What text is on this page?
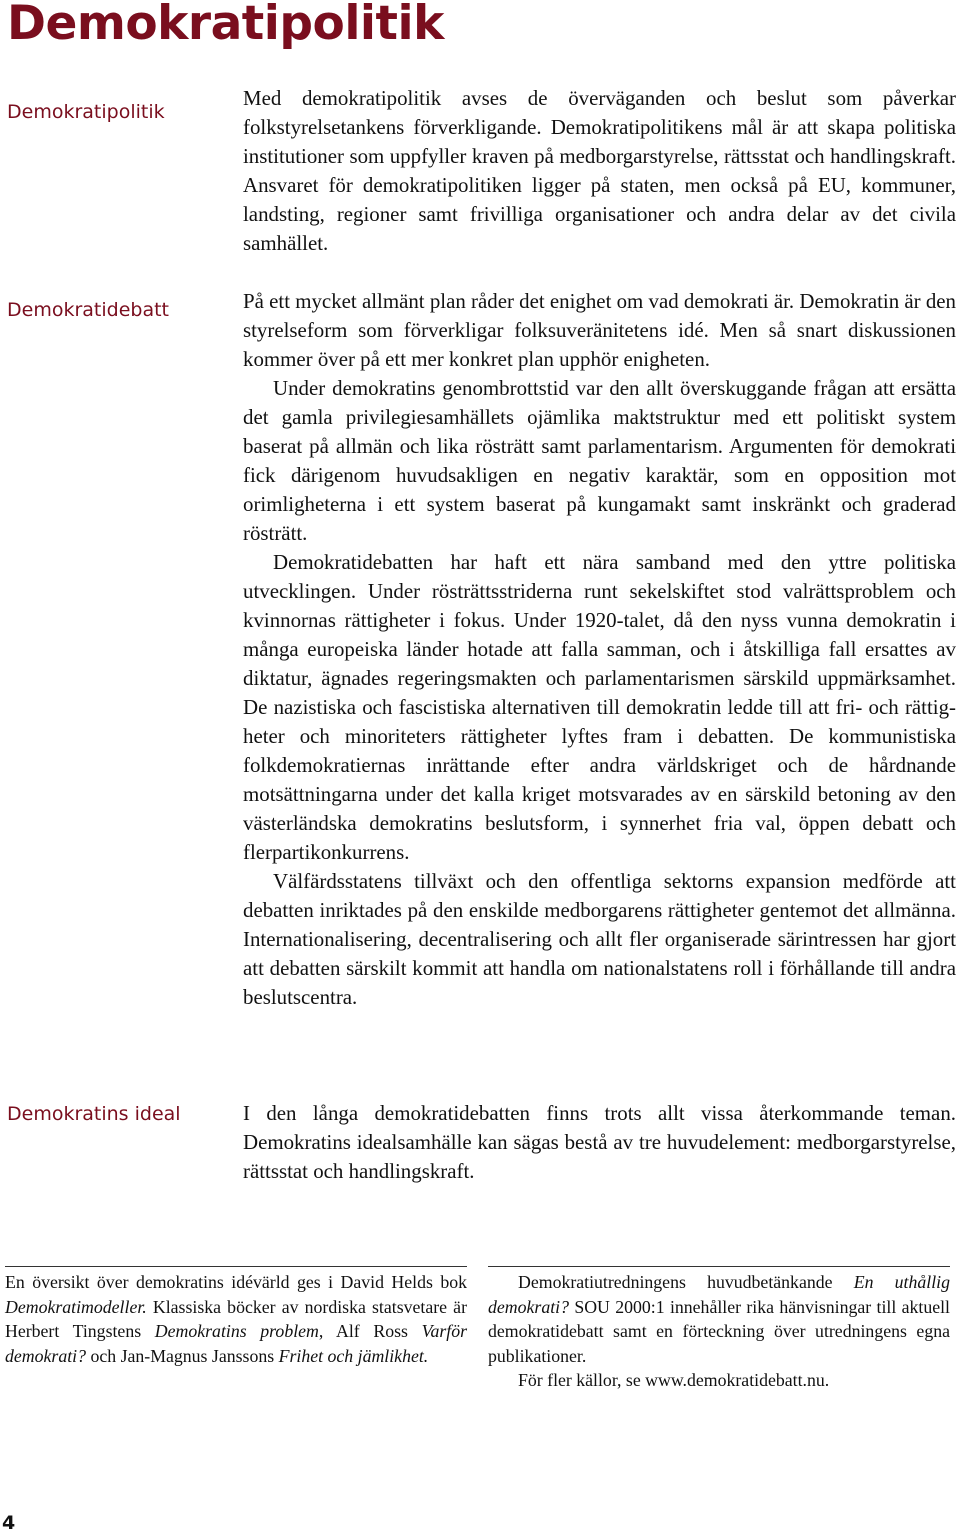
Demokratipolitik
Demokratipolitik

Med demokratipolitik avses de överväganden och beslut som påverkar folkstyrelsetankens förverkligande. Demokratipolitikens mål är att skapa politiska institutioner som uppfyller kraven på medborgarstyrelse, rättsstat och handlingskraft. Ansvaret för demokratipolitiken ligger på staten, men också på EU, kommuner, landsting, regioner samt frivilliga organisationer och andra delar av det civila samhället.

Demokratidebatt	På ett mycket allmänt plan råder det enighet om vad demokrati är. Demokratin är den styrelseform som förverkligar folksuveränitetens idé. Men så snart diskussionen kommer över på ett mer konkret plan upphör enigheten.

Under demokratins genombrottstid var den allt överskuggande frågan att ersätta det gamla privilegiesamhällets ojämlika maktstruktur med ett politiskt system baserat på allmän och lika rösträtt samt parlamentarism. Argumenten för demokrati fick därigenom huvudsakligen en negativ karaktär, som en opposition mot orimligheterna i ett system baserat på kungamakt samt inskränkt och graderad rösträtt.

Demokratidebatten har haft ett nära samband med den yttre politiska utvecklingen. Under rösträttsstriderna runt sekelskiftet stod valrättsproblem och kvinnornas rättigheter i fokus. Under 1920-talet, då den nyss vunna demokratin i många europeiska länder hotade att falla samman, och i åtskilliga fall ersattes av diktatur, ägnades regeringsmakten och parlamentarismen särskild uppmärksamhet. De nazistiska och fascistiska alternativen till demokratin ledde till att fri- och rättigheter och minoriteters rättigheter lyftes fram i debatten. De kommunistiska folkdemokratiernas inrättande efter andra världskriget och de hårdnande motsättningarna under det kalla kriget motsvarades av en särskild betoning av den västerländska demokratins beslutsform, i synnerhet fria val, öppen debatt och flerpartikonkurrens.

Välfärdsstatens tillväxt och den offentliga sektorns expansion medförde att debatten inriktades på den enskilde medborgarens rättigheter gentemot det allmänna. Internationalisering, decentralisering och allt fler organiserade särintressen har gjort att debatten särskilt kommit att handla om nationalstatens roll i förhållande till andra beslutscentra.

Demokratins ideal	I den långa demokratidebatten finns trots allt vissa återkommande teman. Demokratins idealsamhälle kan sägas bestå av tre huvudelement: medborgarstyrelse, rättsstat och handlingskraft.

En översikt över demokratins idévärld ges i David Helds bok Demokratimodeller. Klassiska böcker av nordiska statsvetare är Herbert Tingstens Demokratins problem, Alf Ross Varför demokrati? och Jan-Magnus Janssons Frihet och jämlikhet.

Demokratiutredningens huvudbetänkande En uthållig demokrati? SOU 2000:1 innehåller rika hänvisningar till aktuell demokratidebatt samt en förteckning över utredningens egna publikationer.

För fler källor, se www.demokratidebatt.nu.

4
